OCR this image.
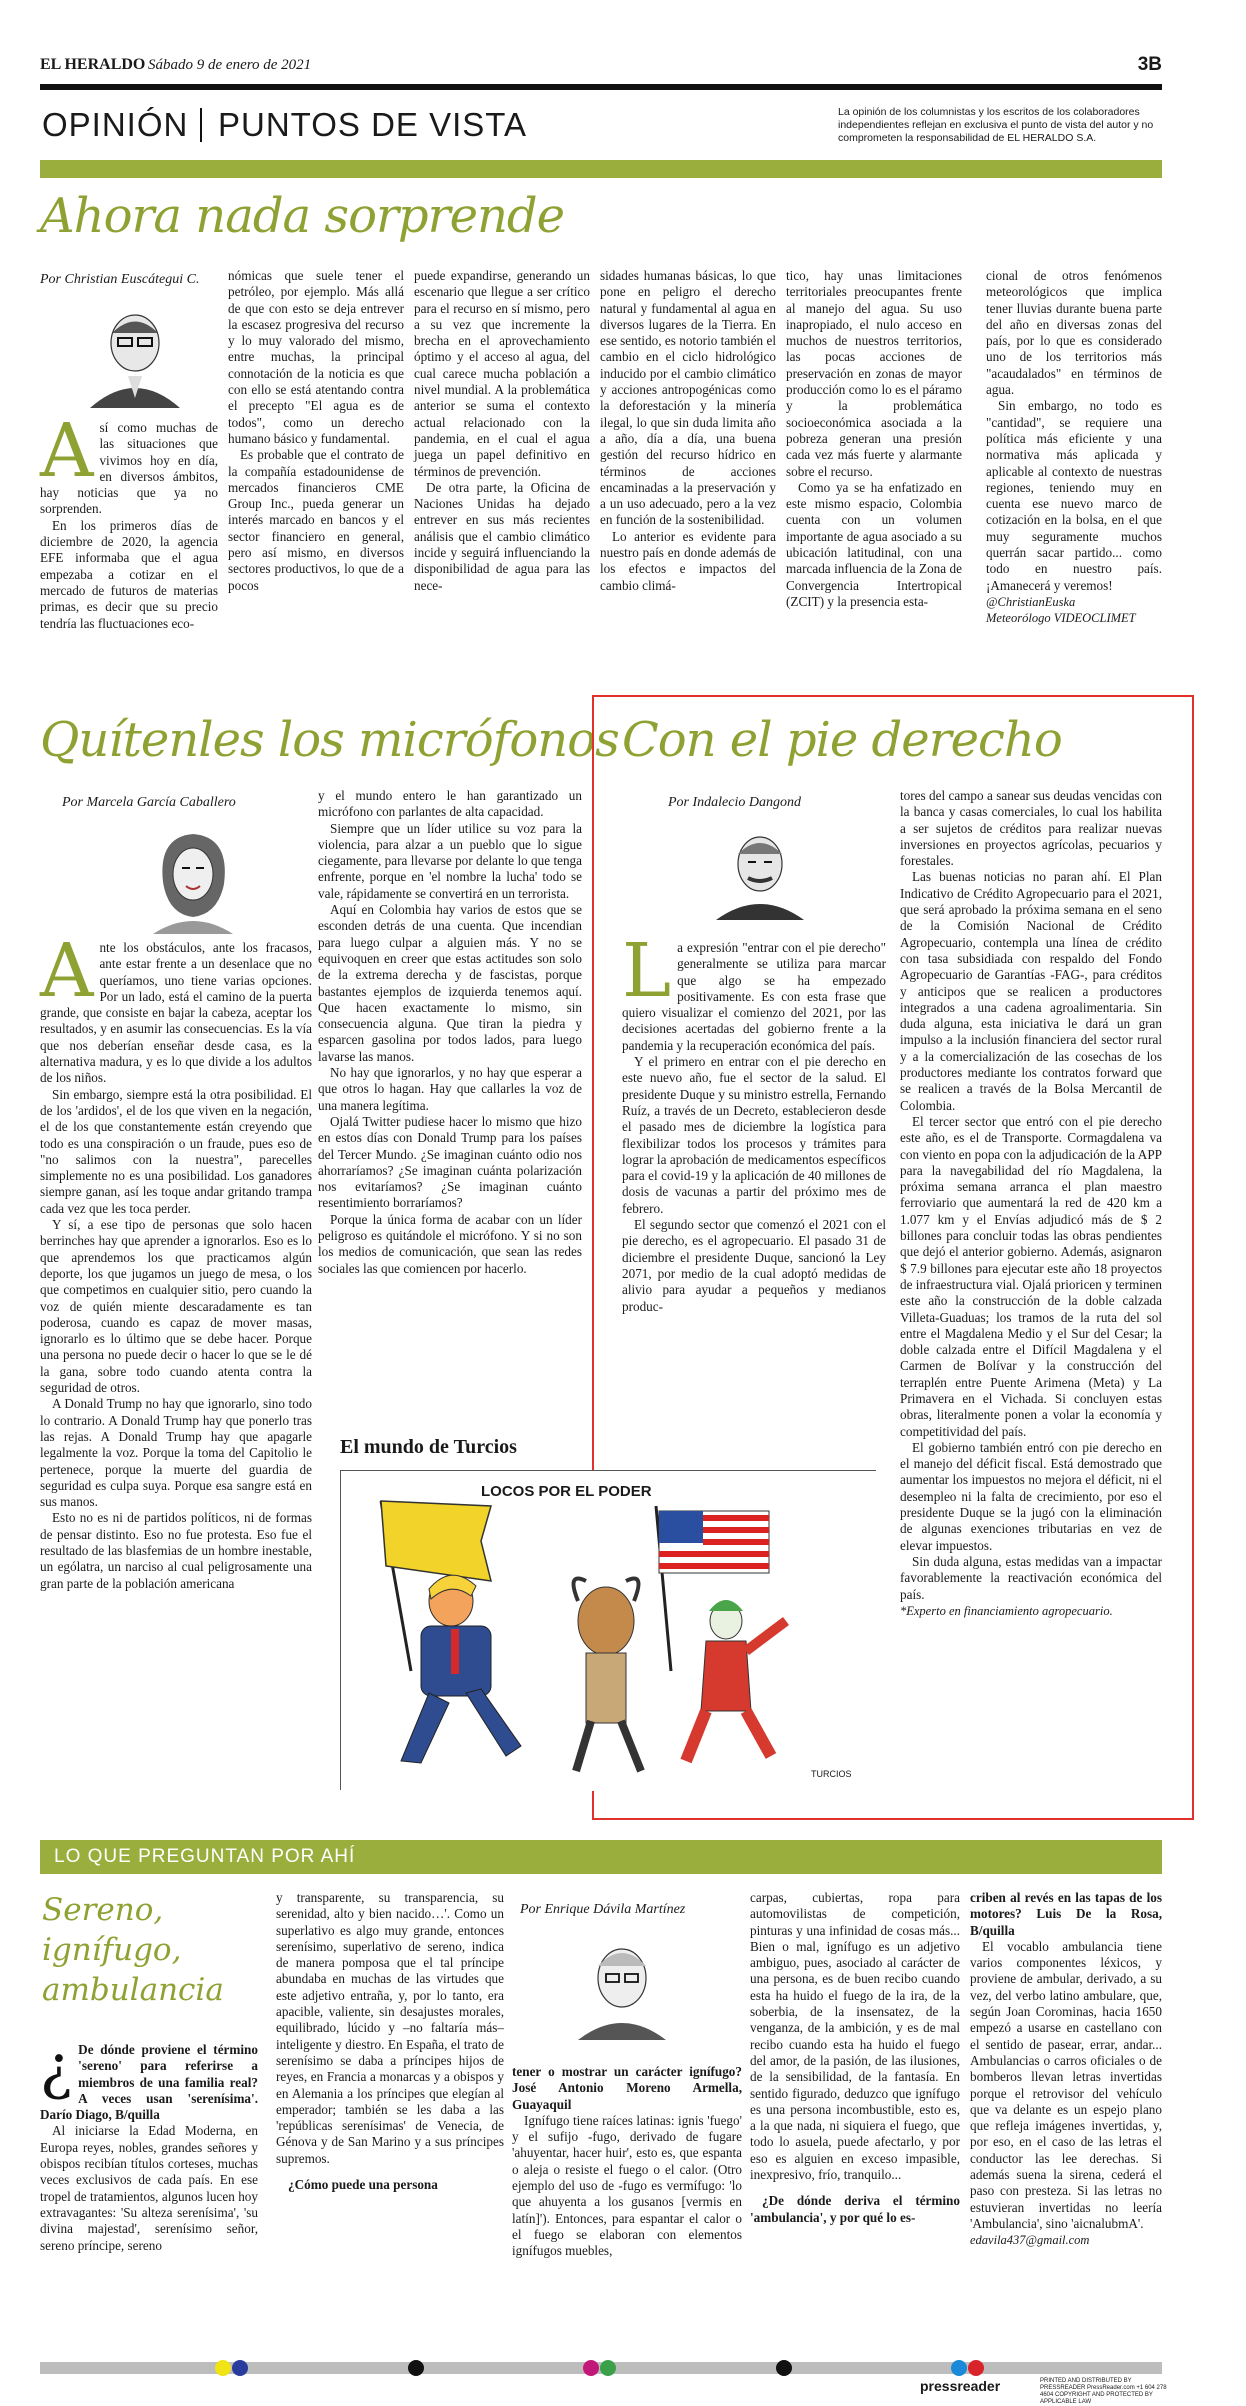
EL HERALDO Sábado 9 de enero de 2021	3B
OPINIÓN PUNTOS DE VISTA	La opinión de los columnistas y los escritos de los colaboradores independientes reflejan en exclusiva el punto de vista del autor y no comprometen la responsabilidad de EL HERALDO S.A.
Ahora nada sorprende
Por Christian Euscátegui C.

Así como muchas de las situaciones que vivimos hoy en día, en diversos ámbitos, hay noticias que ya no sorprenden.

En los primeros días de diciembre de 2020, la agencia EFE informaba que el agua empezaba a cotizar en el mercado de futuros de materias primas, es decir que su precio tendría las fluctuaciones eco-

nómicas que suele tener el petróleo, por ejemplo. Más allá de que con esto se deja entrever la escasez progresiva del recurso y lo muy valorado del mismo, entre muchas, la principal connotación de la noticia es que con ello se está atentando contra el precepto "El agua es de todos", como un derecho humano básico y fundamental.

Es probable que el contrato de la compañía estadounidense de mercados financieros CME Group Inc., pueda generar un interés marcado en bancos y el sector financiero en general, pero así mismo, en diversos sectores productivos, lo que de a pocos

puede expandirse, generando un escenario que llegue a ser crítico para el recurso en sí mismo, pero a su vez que incremente la brecha en el aprovechamiento óptimo y el acceso al agua, del cual carece mucha población a nivel mundial. A la problemática anterior se suma el contexto actual relacionado con la pandemia, en el cual el agua juega un papel definitivo en términos de prevención.

De otra parte, la Oficina de Naciones Unidas ha dejado entrever en sus más recientes análisis que el cambio climático incide y seguirá influenciando la disponibilidad de agua para las nece-

sidades humanas básicas, lo que pone en peligro el derecho natural y fundamental al agua en diversos lugares de la Tierra. En ese sentido, es notorio también el cambio en el ciclo hidrológico inducido por el cambio climático y acciones antropogénicas como la deforestación y la minería ilegal, lo que sin duda limita año a año, día a día, una buena gestión del recurso hídrico en términos de acciones encaminadas a la preservación y a un uso adecuado, pero a la vez en función de la sostenibilidad.

Lo anterior es evidente para nuestro país en donde además de los efectos e impactos del cambio climá-

tico, hay unas limitaciones territoriales preocupantes frente al manejo del agua. Su uso inapropiado, el nulo acceso en muchos de nuestros territorios, las pocas acciones de preservación en zonas de mayor producción como lo es el páramo y la problemática socioeconómica asociada a la pobreza generan una presión cada vez más fuerte y alarmante sobre el recurso.

Como ya se ha enfatizado en este mismo espacio, Colombia cuenta con un volumen importante de agua asociado a su ubicación latitudinal, con una marcada influencia de la Zona de Convergencia Intertropical (ZCIT) y la presencia esta-

cional de otros fenómenos meteorológicos que implica tener lluvias durante buena parte del año en diversas zonas del país, por lo que es considerado uno de los territorios más "acaudalados" en términos de agua.

Sin embargo, no todo es "cantidad", se requiere una política más eficiente y una normativa más aplicada y aplicable al contexto de nuestras regiones, teniendo muy en cuenta ese nuevo marco de cotización en la bolsa, en el que muy seguramente muchos querrán sacar partido... como todo en nuestro país. ¡Amanecerá y veremos!

@ChristianEuska

Meteorólogo VIDEOCLIMET

Quítenles los micrófonos
Por Marcela García Caballero

Ante los obstáculos, ante los fracasos, ante estar frente a un desenlace que no queríamos, uno tiene varias opciones. Por un lado, está el camino de la puerta grande, que consiste en bajar la cabeza, aceptar los resultados, y en asumir las consecuencias. Es la vía que nos deberían enseñar desde casa, es la alternativa madura, y es lo que divide a los adultos de los niños.

Sin embargo, siempre está la otra posibilidad. El de los 'ardidos', el de los que viven en la negación, el de los que constantemente están creyendo que todo es una conspiración o un fraude, pues eso de "no salimos con la nuestra", parecelles simplemente no es una posibilidad. Los ganadores siempre ganan, así les toque andar gritando trampa cada vez que les toca perder.

Y sí, a ese tipo de personas que solo hacen berrinches hay que aprender a ignorarlos. Eso es lo que aprendemos los que practicamos algún deporte, los que jugamos un juego de mesa, o los que competimos en cualquier sitio, pero cuando la voz de quién miente descaradamente es tan poderosa, cuando es capaz de mover masas, ignorarlo es lo último que se debe hacer. Porque una persona no puede decir o hacer lo que se le dé la gana, sobre todo cuando atenta contra la seguridad de otros.

A Donald Trump no hay que ignorarlo, sino todo lo contrario. A Donald Trump hay que ponerlo tras las rejas. A Donald Trump hay que apagarle legalmente la voz. Porque la toma del Capitolio le pertenece, porque la muerte del guardia de seguridad es culpa suya. Porque esa sangre está en sus manos.

Esto no es ni de partidos políticos, ni de formas de pensar distinto. Eso no fue protesta. Eso fue el resultado de las blasfemias de un hombre inestable, un ególatra, un narciso al cual peligrosamente una gran parte de la población americana

y el mundo entero le han garantizado un micrófono con parlantes de alta capacidad.

Siempre que un líder utilice su voz para la violencia, para alzar a un pueblo que lo sigue ciegamente, para llevarse por delante lo que tenga enfrente, porque en 'el nombre la lucha' todo se vale, rápidamente se convertirá en un terrorista.

Aquí en Colombia hay varios de estos que se esconden detrás de una cuenta. Que incendian para luego culpar a alguien más. Y no se equivoquen en creer que estas actitudes son solo de la extrema derecha y de fascistas, porque bastantes ejemplos de izquierda tenemos aquí. Que hacen exactamente lo mismo, sin consecuencia alguna. Que tiran la piedra y esparcen gasolina por todos lados, para luego lavarse las manos.

No hay que ignorarlos, y no hay que esperar a que otros lo hagan. Hay que callarles la voz de una manera legítima.

Ojalá Twitter pudiese hacer lo mismo que hizo en estos días con Donald Trump para los países del Tercer Mundo. ¿Se imaginan cuánto odio nos ahorraríamos? ¿Se imaginan cuánta polarización nos evitaríamos? ¿Se imaginan cuánto resentimiento borraríamos?

Porque la única forma de acabar con un líder peligroso es quitándole el micrófono. Y si no son los medios de comunicación, que sean las redes sociales las que comiencen por hacerlo.

Con el pie derecho
Por Indalecio Dangond

La expresión "entrar con el pie derecho" generalmente se utiliza para marcar que algo se ha empezado positivamente. Es con esta frase que quiero visualizar el comienzo del 2021, por las decisiones acertadas del gobierno frente a la pandemia y la recuperación económica del país.

Y el primero en entrar con el pie derecho en este nuevo año, fue el sector de la salud. El presidente Duque y su ministro estrella, Fernando Ruíz, a través de un Decreto, establecieron desde el pasado mes de diciembre la logística para flexibilizar todos los procesos y trámites para lograr la aprobación de medicamentos específicos para el covid-19 y la aplicación de 40 millones de dosis de vacunas a partir del próximo mes de febrero.

El segundo sector que comenzó el 2021 con el pie derecho, es el agropecuario. El pasado 31 de diciembre el presidente Duque, sancionó la Ley 2071, por medio de la cual adoptó medidas de alivio para ayudar a pequeños y medianos produc-

tores del campo a sanear sus deudas vencidas con la banca y casas comerciales, lo cual los habilita a ser sujetos de créditos para realizar nuevas inversiones en proyectos agrícolas, pecuarios y forestales.

Las buenas noticias no paran ahí. El Plan Indicativo de Crédito Agropecuario para el 2021, que será aprobado la próxima semana en el seno de la Comisión Nacional de Crédito Agropecuario, contempla una línea de crédito con tasa subsidiada con respaldo del Fondo Agropecuario de Garantías -FAG-, para créditos y anticipos que se realicen a productores integrados a una cadena agroalimentaria. Sin duda alguna, esta iniciativa le dará un gran impulso a la inclusión financiera del sector rural y a la comercialización de las cosechas de los productores mediante los contratos forward que se realicen a través de la Bolsa Mercantil de Colombia.

El tercer sector que entró con el pie derecho este año, es el de Transporte. Cormagdalena va con viento en popa con la adjudicación de la APP para la navegabilidad del río Magdalena, la próxima semana arranca el plan maestro ferroviario que aumentará la red de 420 km a 1.077 km y el Envías adjudicó más de $ 2 billones para concluir todas las obras pendientes que dejó el anterior gobierno. Además, asignaron $ 7.9 billones para ejecutar este año 18 proyectos de infraestructura vial. Ojalá prioricen y terminen este año la construcción de la doble calzada Villeta-Guaduas; los tramos de la ruta del sol entre el Magdalena Medio y el Sur del Cesar; la doble calzada entre el Difícil Magdalena y el Carmen de Bolívar y la construcción del terraplén entre Puente Arimena (Meta) y La Primavera en el Vichada. Si concluyen estas obras, literalmente ponen a volar la economía y competitividad del país.

El gobierno también entró con pie derecho en el manejo del déficit fiscal. Está demostrado que aumentar los impuestos no mejora el déficit, ni el desempleo ni la falta de crecimiento, por eso el presidente Duque se la jugó con la eliminación de algunas exenciones tributarias en vez de elevar impuestos.

Sin duda alguna, estas medidas van a impactar favorablemente la reactivación económica del país.

*Experto en financiamiento agropecuario.

El mundo de Turcios
LOCOS POR EL PODER
TURCIOS
LO QUE PREGUNTAN POR AHÍ
Sereno, ignífugo, ambulancia

¿ De dónde proviene el término 'sereno' para referirse a miembros de una familia real? A veces usan 'serenísima'. Darío Diago, B/quilla

Al iniciarse la Edad Moderna, en Europa reyes, nobles, grandes señores y obispos recibían títulos corteses, muchas veces exclusivos de cada país. En ese tropel de tratamientos, algunos lucen hoy extravagantes: 'Su alteza serenísima', 'su divina majestad', serenísimo señor, sereno príncipe, sereno

y transparente, su transparencia, su serenidad, alto y bien nacido…'. Como un superlativo es algo muy grande, entonces serenísimo, superlativo de sereno, indica de manera pomposa que el tal príncipe abundaba en muchas de las virtudes que este adjetivo entraña, y, por lo tanto, era apacible, valiente, sin desajustes morales, equilibrado, lúcido y –no faltaría más– inteligente y diestro. En España, el trato de serenísimo se daba a príncipes hijos de reyes, en Francia a monarcas y a obispos y en Alemania a los príncipes que elegían al emperador; también se les daba a las 'repúblicas serenísimas' de Venecia, de Génova y de San Marino y a sus príncipes supremos.

¿Cómo puede una persona

Por Enrique Dávila Martínez

tener o mostrar un carácter ignífugo? José Antonio Moreno Armella, Guayaquil

Ignífugo tiene raíces latinas: ignis 'fuego' y el sufijo -fugo, derivado de fugare 'ahuyentar, hacer huir', esto es, que espanta o aleja o resiste el fuego o el calor. (Otro ejemplo del uso de -fugo es vermífugo: 'lo que ahuyenta a los gusanos [vermis en latín]'). Entonces, para espantar el calor o el fuego se elaboran con elementos ignífugos muebles,

carpas, cubiertas, ropa para automovilistas de competición, pinturas y una infinidad de cosas más... Bien o mal, ignífugo es un adjetivo ambiguo, pues, asociado al carácter de una persona, es de buen recibo cuando esta ha huido el fuego de la ira, de la soberbia, de la insensatez, de la venganza, de la ambición, y es de mal recibo cuando esta ha huido el fuego del amor, de la pasión, de las ilusiones, de la sensibilidad, de la fantasía. En sentido figurado, deduzco que ignífugo es una persona incombustible, esto es, a la que nada, ni siquiera el fuego, que todo lo asuela, puede afectarlo, y por eso es alguien en exceso impasible, inexpresivo, frío, tranquilo...

¿De dónde deriva el término 'ambulancia', y por qué lo es-

criben al revés en las tapas de los motores? Luis De la Rosa, B/quilla

El vocablo ambulancia tiene varios componentes léxicos, y proviene de ambular, derivado, a su vez, del verbo latino ambulare, que, según Joan Corominas, hacia 1650 empezó a usarse en castellano con el sentido de pasear, errar, andar... Ambulancias o carros oficiales o de bomberos llevan letras invertidas porque el retrovisor del vehículo que va delante es un espejo plano que refleja imágenes invertidas, y, por eso, en el caso de las letras el conductor las lee derechas. Si además suena la sirena, cederá el paso con presteza. Si las letras no estuvieran invertidas no leería 'Ambulancia', sino 'aicnalubmA'.

edavila437@gmail.com

pressreader	PRINTED AND DISTRIBUTED BY PRESSREADER PressReader.com +1 604 278 4604 COPYRIGHT AND PROTECTED BY APPLICABLE LAW
